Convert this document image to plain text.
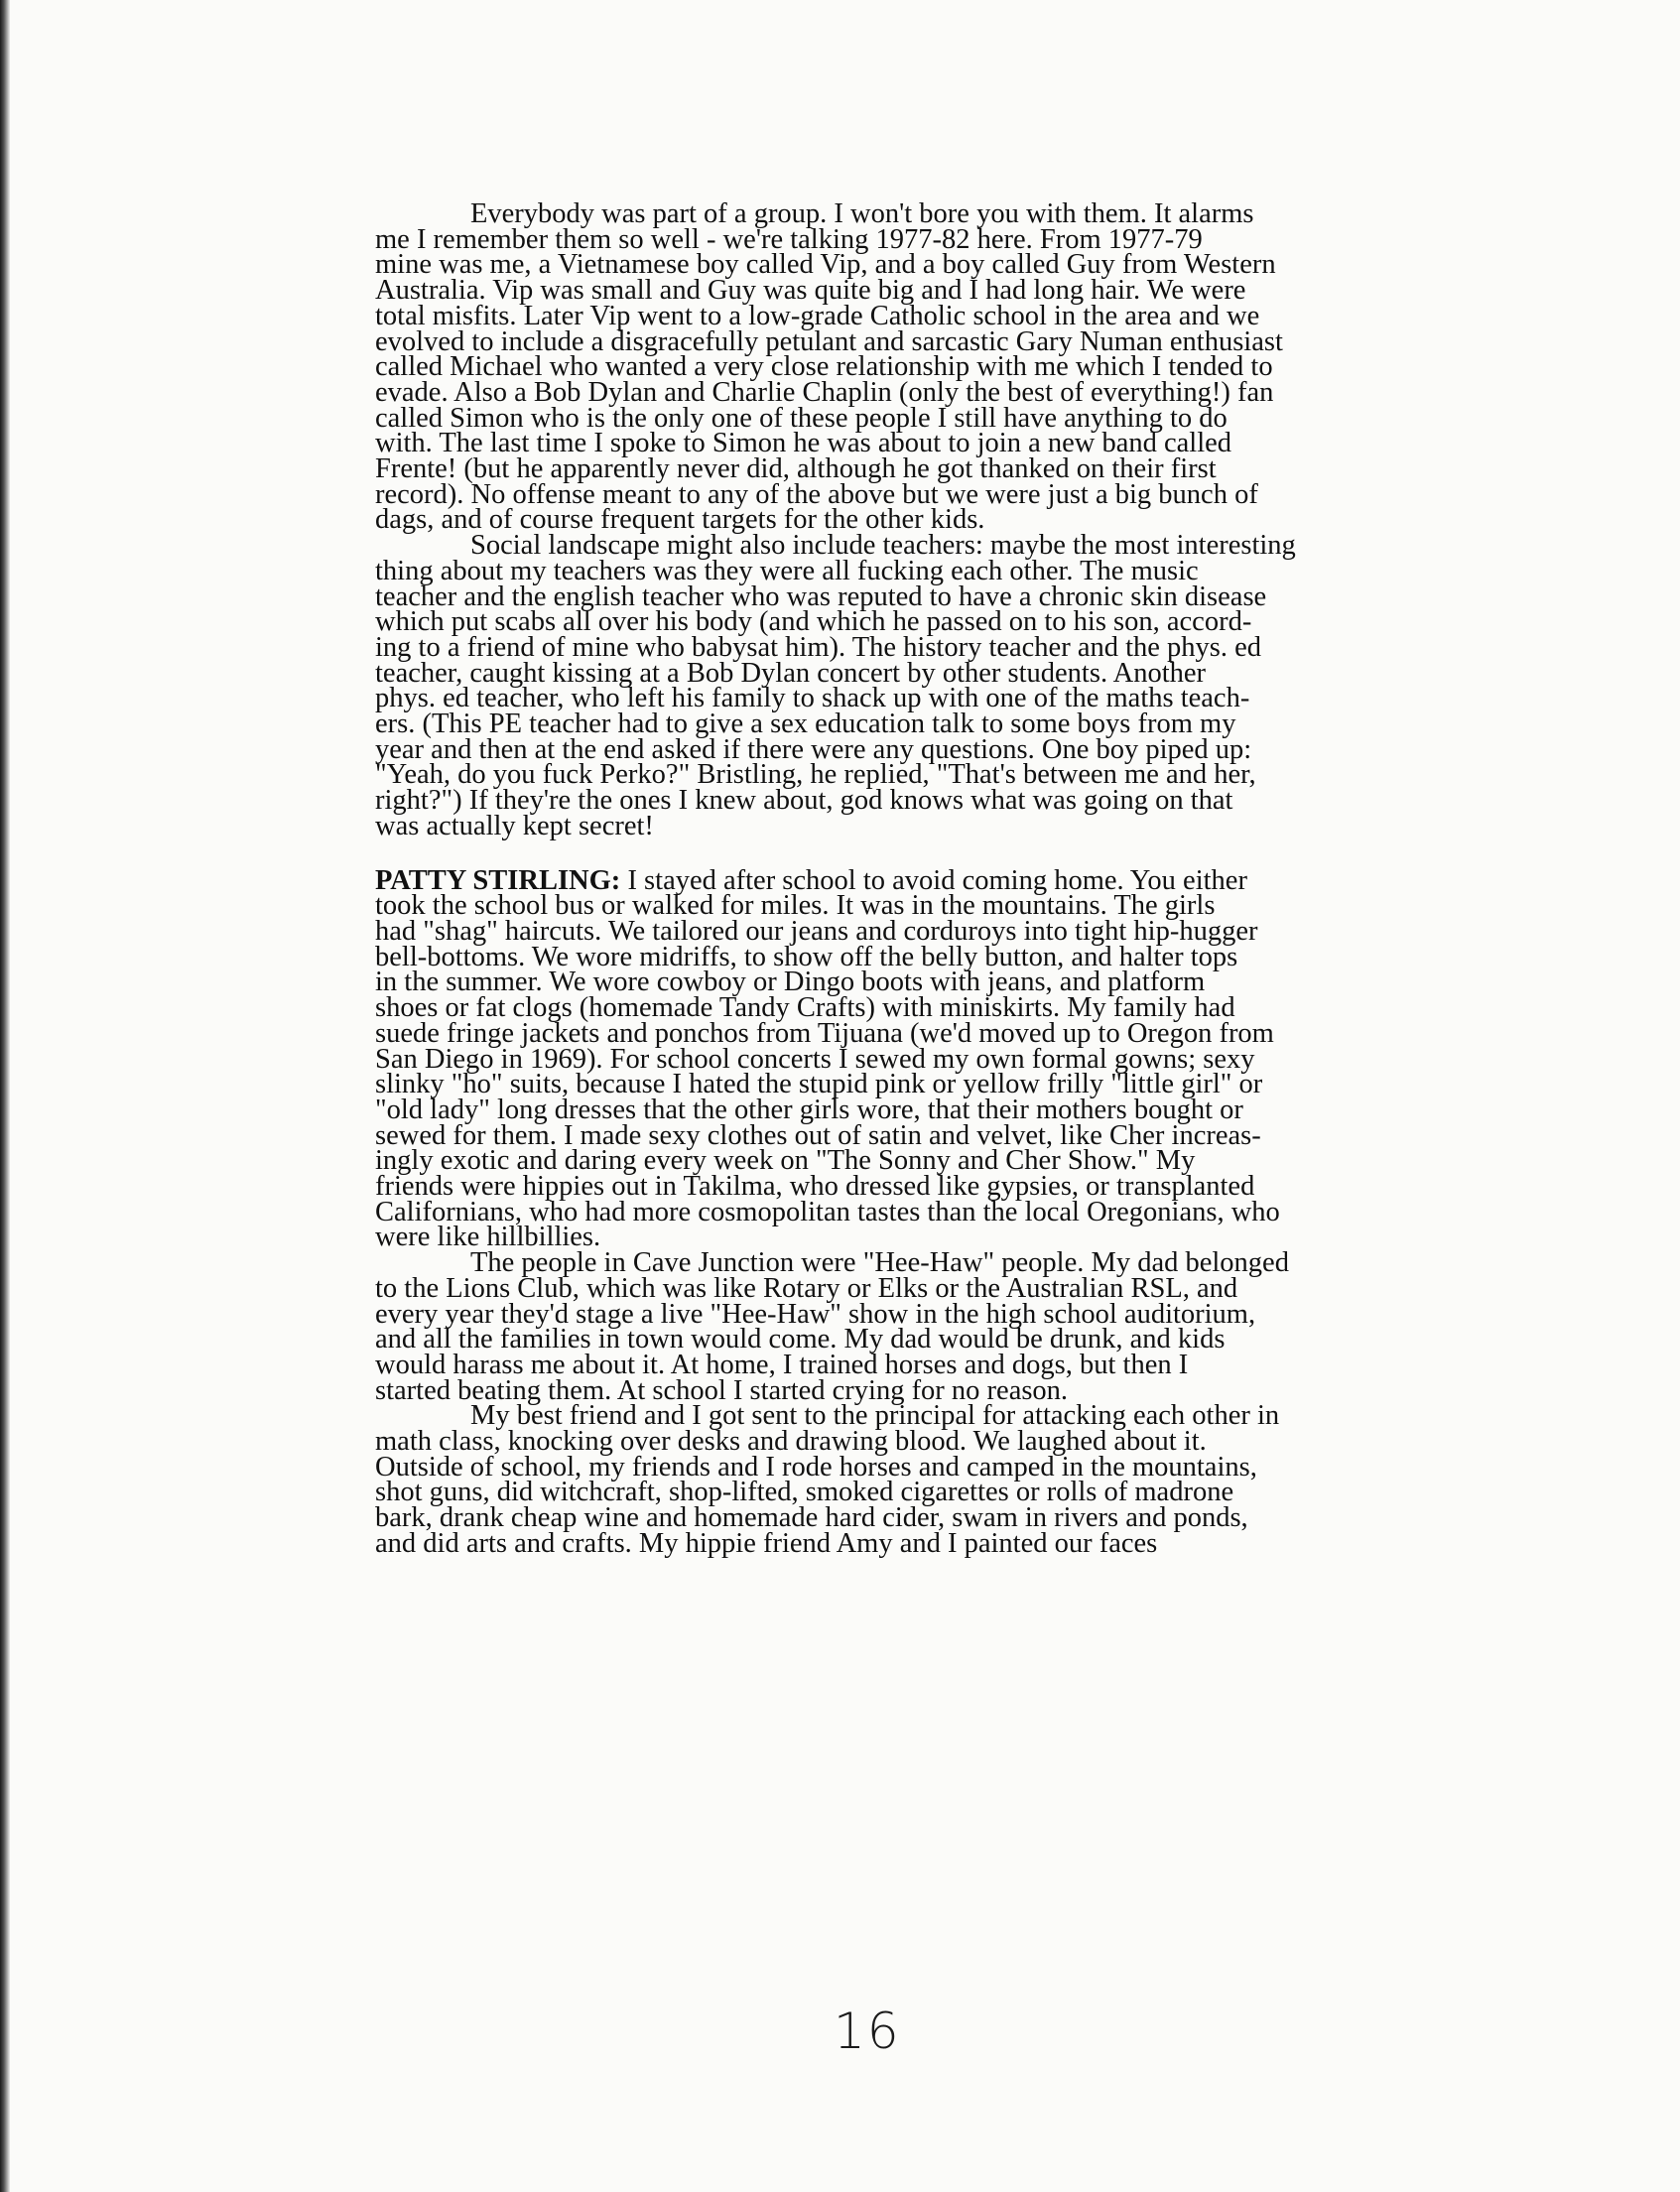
Everybody was part of a group. I won't bore you with them. It alarms
me I remember them so well - we're talking 1977-82 here. From 1977-79
mine was me, a Vietnamese boy called Vip, and a boy called Guy from Western
Australia. Vip was small and Guy was quite big and I had long hair. We were
total misfits. Later Vip went to a low-grade Catholic school in the area and we
evolved to include a disgracefully petulant and sarcastic Gary Numan enthusiast
called Michael who wanted a very close relationship with me which I tended to
evade. Also a Bob Dylan and Charlie Chaplin (only the best of everything!) fan
called Simon who is the only one of these people I still have anything to do
with. The last time I spoke to Simon he was about to join a new band called
Frente! (but he apparently never did, although he got thanked on their first
record). No offense meant to any of the above but we were just a big bunch of
dags, and of course frequent targets for the other kids.
Social landscape might also include teachers: maybe the most interesting
thing about my teachers was they were all fucking each other. The music
teacher and the english teacher who was reputed to have a chronic skin disease
which put scabs all over his body (and which he passed on to his son, accord-
ing to a friend of mine who babysat him). The history teacher and the phys. ed
teacher, caught kissing at a Bob Dylan concert by other students. Another
phys. ed teacher, who left his family to shack up with one of the maths teach-
ers. (This PE teacher had to give a sex education talk to some boys from my
year and then at the end asked if there were any questions. One boy piped up:
"Yeah, do you fuck Perko?" Bristling, he replied, "That's between me and her,
right?") If they're the ones I knew about, god knows what was going on that
was actually kept secret!
PATTY STIRLING: I stayed after school to avoid coming home. You either
took the school bus or walked for miles. It was in the mountains. The girls
had "shag" haircuts. We tailored our jeans and corduroys into tight hip-hugger
bell-bottoms. We wore midriffs, to show off the belly button, and halter tops
in the summer. We wore cowboy or Dingo boots with jeans, and platform
shoes or fat clogs (homemade Tandy Crafts) with miniskirts. My family had
suede fringe jackets and ponchos from Tijuana (we'd moved up to Oregon from
San Diego in 1969). For school concerts I sewed my own formal gowns; sexy
slinky "ho" suits, because I hated the stupid pink or yellow frilly "little girl" or
"old lady" long dresses that the other girls wore, that their mothers bought or
sewed for them. I made sexy clothes out of satin and velvet, like Cher increas-
ingly exotic and daring every week on "The Sonny and Cher Show." My
friends were hippies out in Takilma, who dressed like gypsies, or transplanted
Californians, who had more cosmopolitan tastes than the local Oregonians, who
were like hillbillies.
The people in Cave Junction were "Hee-Haw" people. My dad belonged
to the Lions Club, which was like Rotary or Elks or the Australian RSL, and
every year they'd stage a live "Hee-Haw" show in the high school auditorium,
and all the families in town would come. My dad would be drunk, and kids
would harass me about it. At home, I trained horses and dogs, but then I
started beating them. At school I started crying for no reason.
My best friend and I got sent to the principal for attacking each other in
math class, knocking over desks and drawing blood. We laughed about it.
Outside of school, my friends and I rode horses and camped in the mountains,
shot guns, did witchcraft, shop-lifted, smoked cigarettes or rolls of madrone
bark, drank cheap wine and homemade hard cider, swam in rivers and ponds,
and did arts and crafts. My hippie friend Amy and I painted our faces
16
